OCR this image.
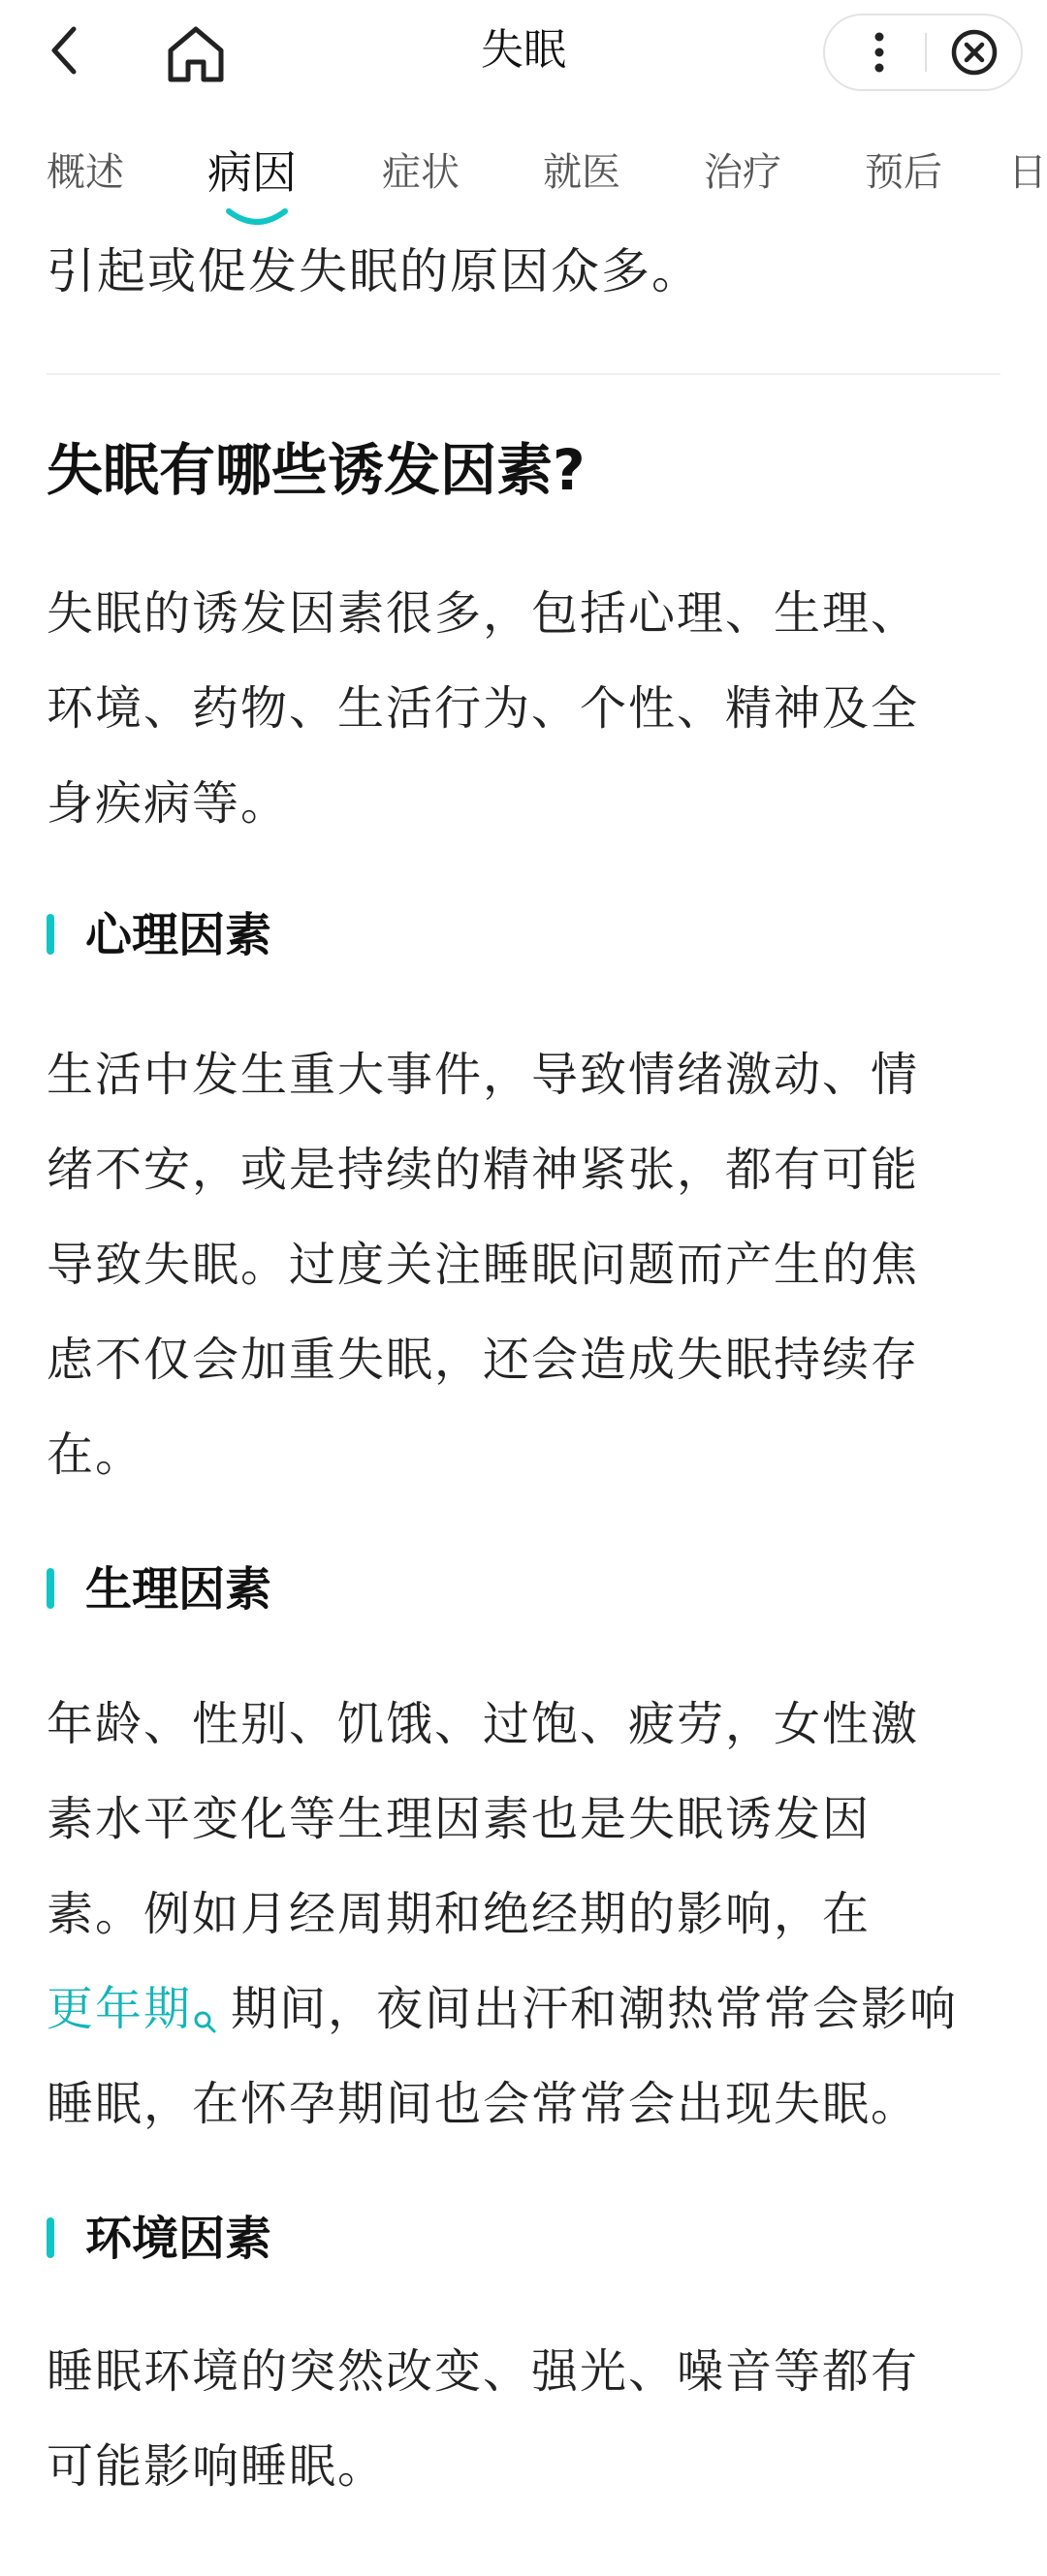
失眠
概述 病因 症状 就医 治疗 预后 日
引起或促发失眠的原因众多。
失眠有哪些诱发因素?

失眠的诱发因素很多，包括心理、生理、

环境、药物、生活行为、个性、精神及全

身疾病等。

心理因素

生活中发生重大事件，导致情绪激动、情

绪不安，或是持续的精神紧张，都有可能

导致失眠。过度关注睡眠问题而产生的焦

虑不仅会加重失眠，还会造成失眠持续存

在。

生理因素

年龄、性别、饥饿、过饱、疲劳，女性激

素水平变化等生理因素也是失眠诱发因

素。例如月经周期和绝经期的影响，在

更年期 期间，夜间出汗和潮热常常会影响

睡眠，在怀孕期间也会常常会出现失眠。

环境因素

睡眠环境的突然改变、强光、噪音等都有

可能影响睡眠。
